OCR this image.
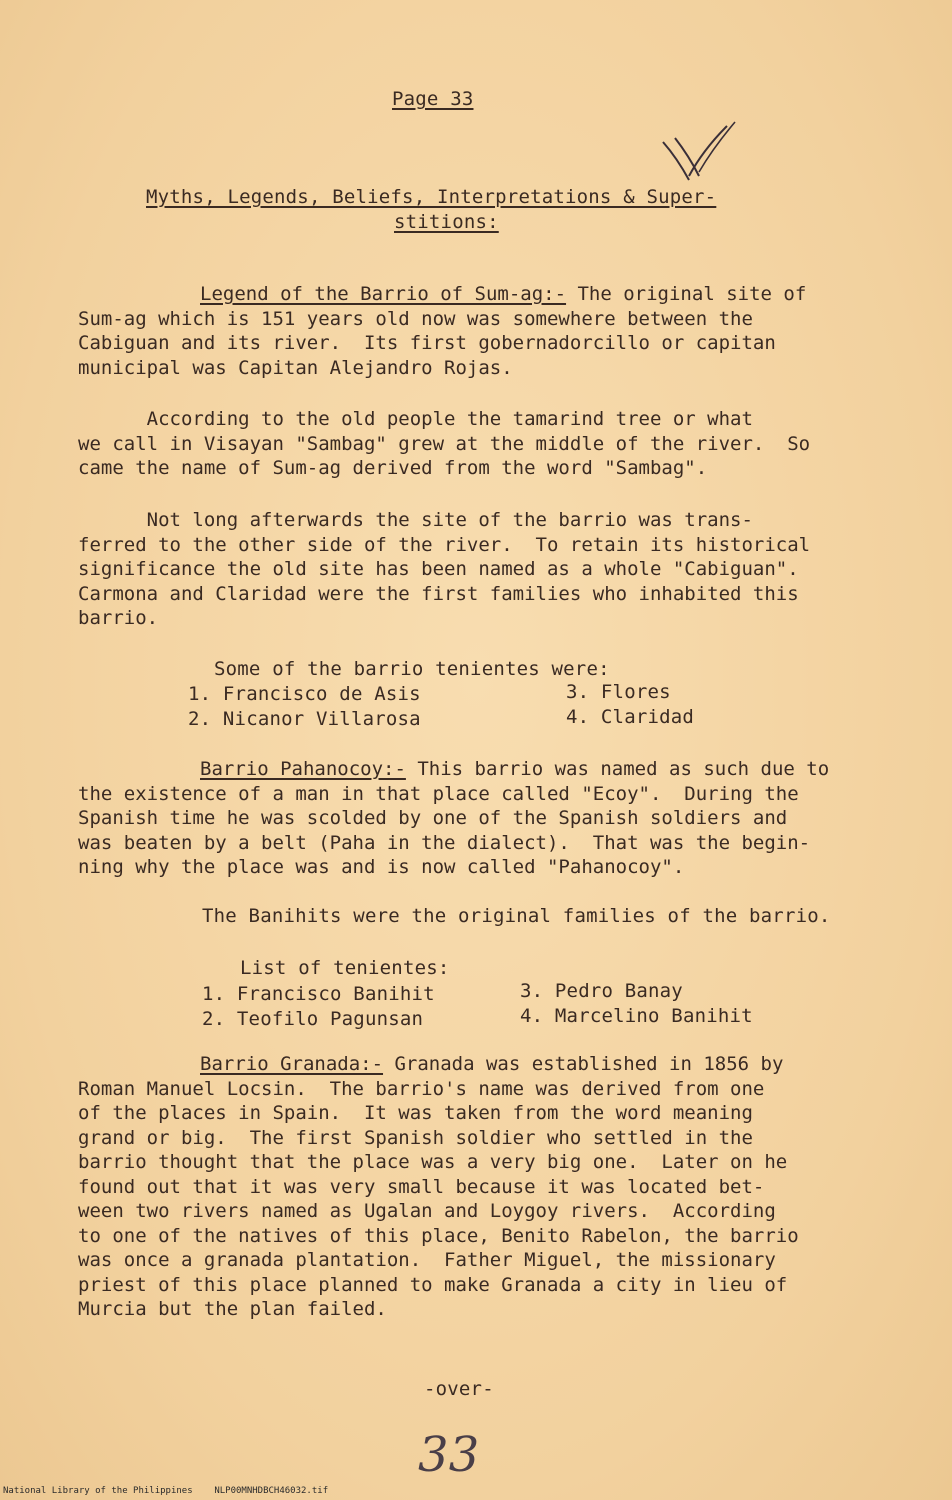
Page 33
Myths, Legends, Beliefs, Interpretations & Super-
stitions:
Legend of the Barrio of Sum-ag:- The original site of
Sum-ag which is 151 years old now was somewhere between the
Cabiguan and its river.  Its first gobernadorcillo or capitan
municipal was Capitan Alejandro Rojas.
According to the old people the tamarind tree or what
we call in Visayan "Sambag" grew at the middle of the river.  So
came the name of Sum-ag derived from the word "Sambag".
Not long afterwards the site of the barrio was trans-
ferred to the other side of the river.  To retain its historical
significance the old site has been named as a whole "Cabiguan".
Carmona and Claridad were the first families who inhabited this
barrio.
Some of the barrio tenientes were:
1. Francisco de Asis
2. Nicanor Villarosa
3. Flores
4. Claridad
Barrio Pahanocoy:- This barrio was named as such due to
the existence of a man in that place called "Ecoy".  During the
Spanish time he was scolded by one of the Spanish soldiers and
was beaten by a belt (Paha in the dialect).  That was the begin-
ning why the place was and is now called "Pahanocoy".
The Banihits were the original families of the barrio.
List of tenientes:
1. Francisco Banihit
2. Teofilo Pagunsan
3. Pedro Banay
4. Marcelino Banihit
Barrio Granada:- Granada was established in 1856 by
Roman Manuel Locsin.  The barrio's name was derived from one
of the places in Spain.  It was taken from the word meaning
grand or big.  The first Spanish soldier who settled in the
barrio thought that the place was a very big one.  Later on he
found out that it was very small because it was located bet-
ween two rivers named as Ugalan and Loygoy rivers.  According
to one of the natives of this place, Benito Rabelon, the barrio
was once a granada plantation.  Father Miguel, the missionary
priest of this place planned to make Granada a city in lieu of
Murcia but the plan failed.
-over-
33
National Library of the Philippines    NLP00MNHDBCH46032.tif
